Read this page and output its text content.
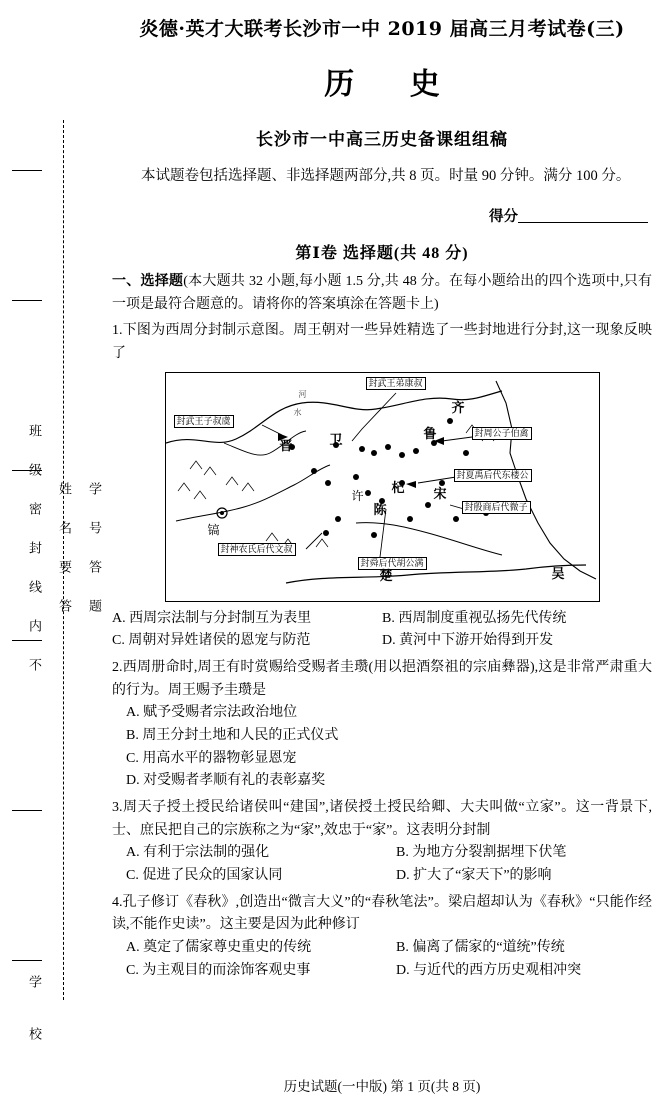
学号答题
姓名要答
班级密封线内不
学 校
炎德·英才大联考长沙市一中 2019 届高三月考试卷(三)
历 史
长沙市一中高三历史备课组组稿
本试题卷包括选择题、非选择题两部分,共 8 页。时量 90 分钟。满分 100 分。
得分
第Ⅰ卷 选择题(共 48 分)
一、选择题(本大题共 32 小题,每小题 1.5 分,共 48 分。在每小题给出的四个选项中,只有一项是最符合题意的。请将你的答案填涂在答题卡上)
1.下图为西周分封制示意图。周王朝对一些异姓精选了一些封地进行分封,这一现象反映了
河
水
封武王弟康叔
封武王子叔虞
封周公子伯禽
封夏禹后代东楼公
封殷商后代微子
封神农氏后代文叔
封舜后代胡公满
齐
晋	卫	鲁
杞 宋
陈
楚	吴
许
镐
A. 西周宗法制与分封制互为表里	B. 西周制度重视弘扬先代传统
C. 周朝对异姓诸侯的恩宠与防范	D. 黄河中下游开始得到开发
2.西周册命时,周王有时赏赐给受赐者圭瓒(用以挹酒祭祖的宗庙彝器),这是非常严肃重大的行为。周王赐予圭瓒是
A. 赋予受赐者宗法政治地位
B. 周王分封土地和人民的正式仪式
C. 用高水平的器物彰显恩宠
D. 对受赐者孝顺有礼的表彰嘉奖
3.周天子授土授民给诸侯叫“建国”,诸侯授土授民给卿、大夫叫做“立家”。这一背景下,士、庶民把自己的宗族称之为“家”,效忠于“家”。这表明分封制
A. 有利于宗法制的强化	B. 为地方分裂割据埋下伏笔
C. 促进了民众的国家认同	D. 扩大了“家天下”的影响
4.孔子修订《春秋》,创造出“微言大义”的“春秋笔法”。梁启超却认为《春秋》“只能作经读,不能作史读”。这主要是因为此种修订
A. 奠定了儒家尊史重史的传统	B. 偏离了儒家的“道统”传统
C. 为主观目的而涂饰客观史事	D. 与近代的西方历史观相冲突
历史试题(一中版) 第 1 页(共 8 页)
